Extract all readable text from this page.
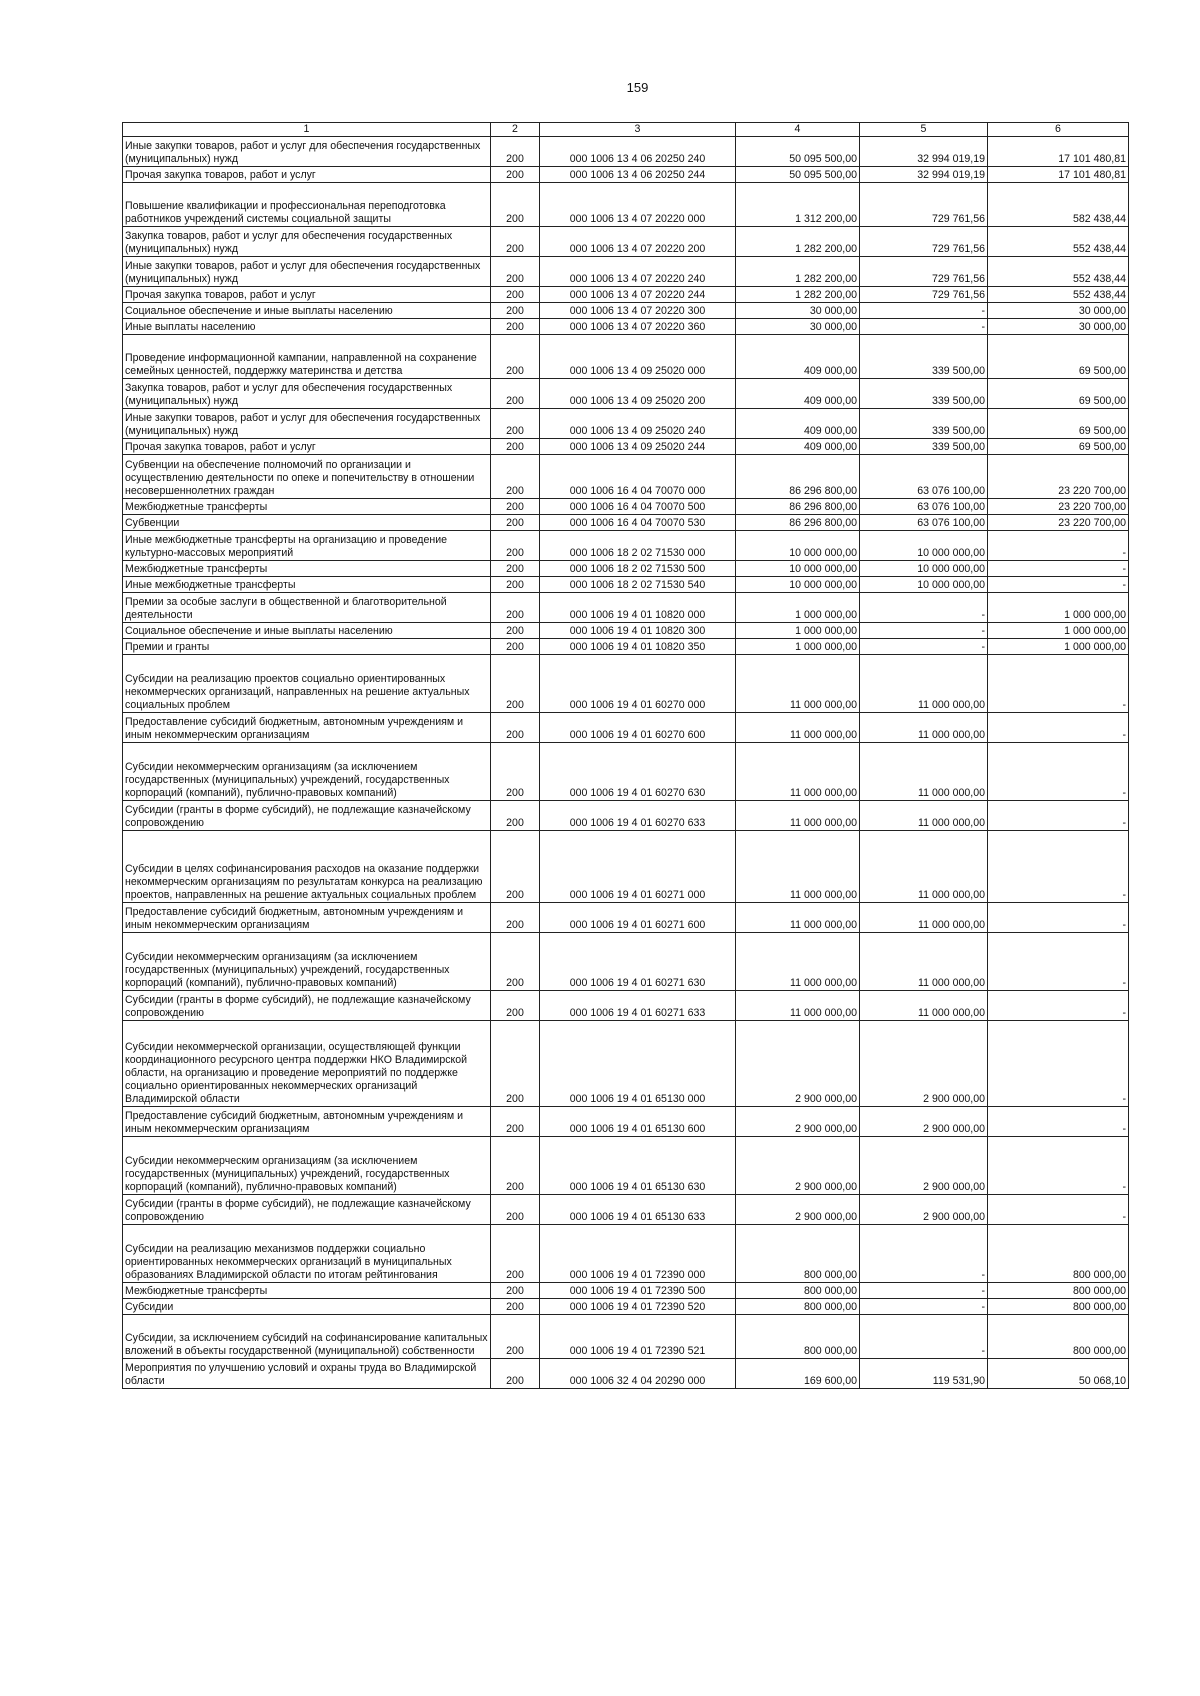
159
1	2	3	4	5	6
Иные закупки товаров, работ и услуг для обеспечения государственных (муниципальных) нужд	200	000 1006 13 4 06 20250 240	50 095 500,00	32 994 019,19	17 101 480,81
Прочая закупка товаров, работ и услуг	200	000 1006 13 4 06 20250 244	50 095 500,00	32 994 019,19	17 101 480,81
Повышение квалификации и профессиональная переподготовка работников учреждений системы социальной защиты	200	000 1006 13 4 07 20220 000	1 312 200,00	729 761,56	582 438,44
Закупка товаров, работ и услуг для обеспечения государственных (муниципальных) нужд	200	000 1006 13 4 07 20220 200	1 282 200,00	729 761,56	552 438,44
Иные закупки товаров, работ и услуг для обеспечения государственных (муниципальных) нужд	200	000 1006 13 4 07 20220 240	1 282 200,00	729 761,56	552 438,44
Прочая закупка товаров, работ и услуг	200	000 1006 13 4 07 20220 244	1 282 200,00	729 761,56	552 438,44
Социальное обеспечение и иные выплаты населению	200	000 1006 13 4 07 20220 300	30 000,00	-	30 000,00
Иные выплаты населению	200	000 1006 13 4 07 20220 360	30 000,00	-	30 000,00
Проведение информационной кампании, направленной на сохранение семейных ценностей, поддержку материнства и детства	200	000 1006 13 4 09 25020 000	409 000,00	339 500,00	69 500,00
Закупка товаров, работ и услуг для обеспечения государственных (муниципальных) нужд	200	000 1006 13 4 09 25020 200	409 000,00	339 500,00	69 500,00
Иные закупки товаров, работ и услуг для обеспечения государственных (муниципальных) нужд	200	000 1006 13 4 09 25020 240	409 000,00	339 500,00	69 500,00
Прочая закупка товаров, работ и услуг	200	000 1006 13 4 09 25020 244	409 000,00	339 500,00	69 500,00
Субвенции на обеспечение полномочий по организации и осуществлению деятельности по опеке и попечительству в отношении несовершеннолетних граждан	200	000 1006 16 4 04 70070 000	86 296 800,00	63 076 100,00	23 220 700,00
Межбюджетные трансферты	200	000 1006 16 4 04 70070 500	86 296 800,00	63 076 100,00	23 220 700,00
Субвенции	200	000 1006 16 4 04 70070 530	86 296 800,00	63 076 100,00	23 220 700,00
Иные межбюджетные трансферты на организацию и проведение культурно-массовых мероприятий	200	000 1006 18 2 02 71530 000	10 000 000,00	10 000 000,00	-
Межбюджетные трансферты	200	000 1006 18 2 02 71530 500	10 000 000,00	10 000 000,00	-
Иные межбюджетные трансферты	200	000 1006 18 2 02 71530 540	10 000 000,00	10 000 000,00	-
Премии за особые заслуги в общественной и благотворительной деятельности	200	000 1006 19 4 01 10820 000	1 000 000,00	-	1 000 000,00
Социальное обеспечение и иные выплаты населению	200	000 1006 19 4 01 10820 300	1 000 000,00	-	1 000 000,00
Премии и гранты	200	000 1006 19 4 01 10820 350	1 000 000,00	-	1 000 000,00
Субсидии на реализацию проектов социально ориентированных некоммерческих организаций, направленных на решение актуальных социальных проблем	200	000 1006 19 4 01 60270 000	11 000 000,00	11 000 000,00	-
Предоставление субсидий бюджетным, автономным учреждениям и иным некоммерческим организациям	200	000 1006 19 4 01 60270 600	11 000 000,00	11 000 000,00	-
Субсидии некоммерческим организациям (за исключением государственных (муниципальных) учреждений, государственных корпораций (компаний), публично-правовых компаний)	200	000 1006 19 4 01 60270 630	11 000 000,00	11 000 000,00	-
Субсидии (гранты в форме субсидий), не подлежащие казначейскому сопровождению	200	000 1006 19 4 01 60270 633	11 000 000,00	11 000 000,00	-
Субсидии в целях софинансирования расходов на оказание поддержки некоммерческим организациям по результатам конкурса на реализацию проектов, направленных на решение актуальных социальных проблем	200	000 1006 19 4 01 60271 000	11 000 000,00	11 000 000,00	-
Предоставление субсидий бюджетным, автономным учреждениям и иным некоммерческим организациям	200	000 1006 19 4 01 60271 600	11 000 000,00	11 000 000,00	-
Субсидии некоммерческим организациям (за исключением государственных (муниципальных) учреждений, государственных корпораций (компаний), публично-правовых компаний)	200	000 1006 19 4 01 60271 630	11 000 000,00	11 000 000,00	-
Субсидии (гранты в форме субсидий), не подлежащие казначейскому сопровождению	200	000 1006 19 4 01 60271 633	11 000 000,00	11 000 000,00	-
Субсидии некоммерческой организации, осуществляющей функции координационного ресурсного центра поддержки НКО Владимирской области, на организацию и проведение мероприятий по поддержке социально ориентированных некоммерческих организаций Владимирской области	200	000 1006 19 4 01 65130 000	2 900 000,00	2 900 000,00	-
Предоставление субсидий бюджетным, автономным учреждениям и иным некоммерческим организациям	200	000 1006 19 4 01 65130 600	2 900 000,00	2 900 000,00	-
Субсидии некоммерческим организациям (за исключением государственных (муниципальных) учреждений, государственных корпораций (компаний), публично-правовых компаний)	200	000 1006 19 4 01 65130 630	2 900 000,00	2 900 000,00	-
Субсидии (гранты в форме субсидий), не подлежащие казначейскому сопровождению	200	000 1006 19 4 01 65130 633	2 900 000,00	2 900 000,00	-
Субсидии на реализацию механизмов поддержки социально ориентированных некоммерческих организаций в муниципальных образованиях Владимирской области по итогам рейтингования	200	000 1006 19 4 01 72390 000	800 000,00	-	800 000,00
Межбюджетные трансферты	200	000 1006 19 4 01 72390 500	800 000,00	-	800 000,00
Субсидии	200	000 1006 19 4 01 72390 520	800 000,00	-	800 000,00
Субсидии, за исключением субсидий на софинансирование капитальных вложений в объекты государственной (муниципальной) собственности	200	000 1006 19 4 01 72390 521	800 000,00	-	800 000,00
Мероприятия по улучшению условий и охраны труда во Владимирской области	200	000 1006 32 4 04 20290 000	169 600,00	119 531,90	50 068,10
